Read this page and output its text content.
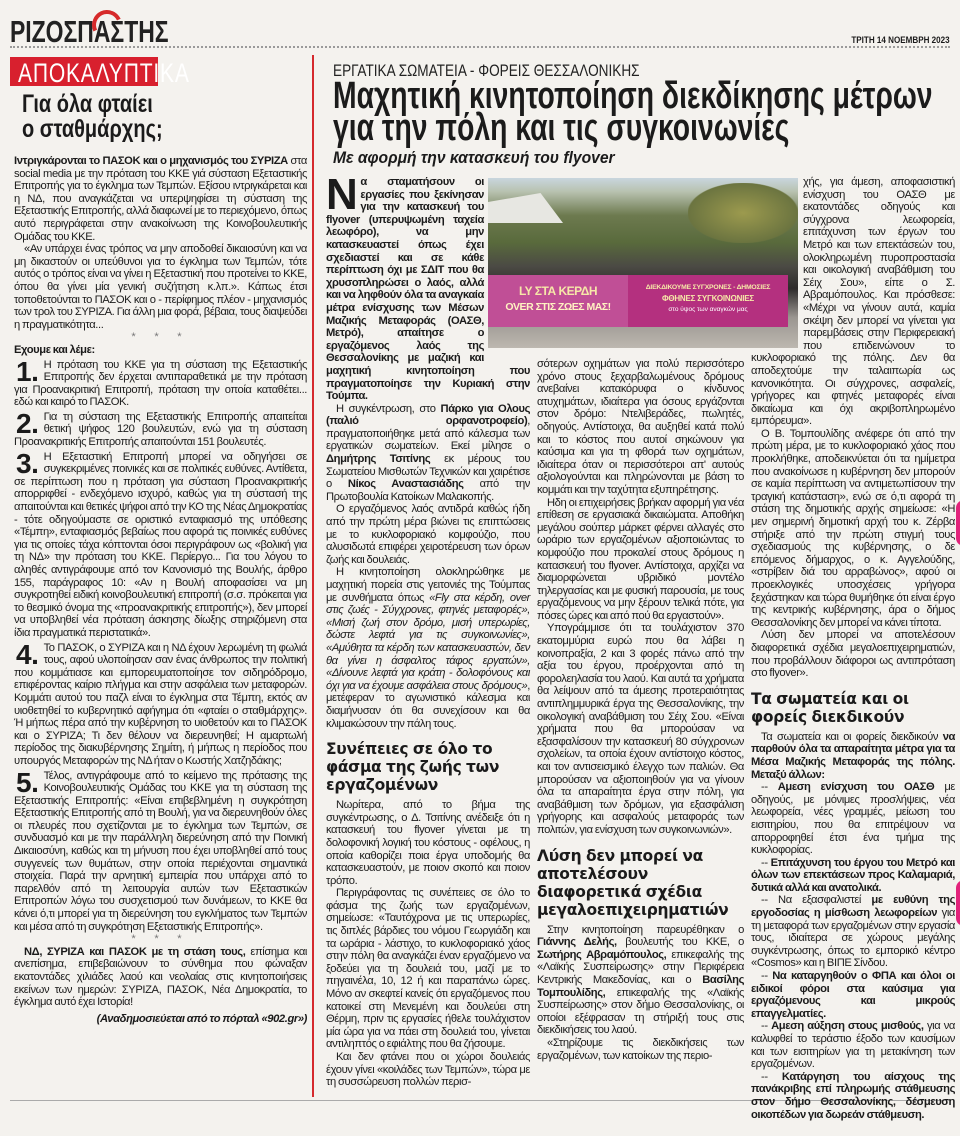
ΡΙΖΟΣΠΑΣΤΗΣ	ΤΡΙΤΗ 14 ΝΟΕΜΒΡΗ 2023
ΑΠΟΚΑΛΥΠΤΙΚΑ
Για όλα φταίει
ο σταθμάρχης;

Ιντριγκάρονται το ΠΑΣΟΚ και ο μηχανισμός του ΣΥΡΙΖΑ στα social media με την πρόταση του ΚΚΕ γιά σύσταση Εξεταστικής Επιτροπής για το έγκλημα των Τεμπών. Εξίσου ιντριγκάρεται και η ΝΔ, που αναγκάζεται να υπερψηφίσει τη σύσταση της Εξεταστικής Επιτροπής, αλλά διαφωνεί με το περιεχόμενο, όπως αυτό περιγράφεται στην ανακοίνωση της Κοινοβουλευτικής Ομάδας του ΚΚΕ.

«Αν υπάρχει ένας τρόπος να μην αποδοθεί δικαιοσύνη και να μη δικαστούν οι υπεύθυνοι για το έγκλημα των Τεμπών, τότε αυτός ο τρόπος είναι να γίνει η Εξεταστική που προτείνει το ΚΚΕ, όπου θα γίνει μία γενική συζήτηση κ.λπ.». Κάπως έτσι τοποθετούνται το ΠΑΣΟΚ και ο - περίφημος πλέον - μηχανισμός των τρολ του ΣΥΡΙΖΑ. Για άλλη μια φορά, βέβαια, τους διαψεύδει η πραγματικότητα...

* * *

Εχουμε και λέμε:

1. Η πρόταση του ΚΚΕ για τη σύσταση της Εξεταστικής Επιτροπής δεν έρχεται αντιπαραθετικά με την πρόταση για Προανακριτική Επιτροπή, πρόταση την οποία καταθέτει... εδώ και καιρό το ΠΑΣΟΚ.

2. Για τη σύσταση της Εξεταστικής Επιτροπής απαιτείται θετική ψήφος 120 βουλευτών, ενώ για τη σύσταση Προανακριτικής Επιτροπής απαιτούνται 151 βουλευτές.

3. Η Εξεταστική Επιτροπή μπορεί να οδηγήσει σε συγκεκριμένες ποινικές και σε πολιτικές ευθύνες. Αντίθετα, σε περίπτωση που η πρόταση για σύσταση Προανακριτικής απορριφθεί - ενδεχόμενο ισχυρό, καθώς για τη σύστασή της απαιτούνται και θετικές ψήφοι από την ΚΟ της Νέας Δημοκρατίας - τότε οδηγούμαστε σε οριστικό ενταφιασμό της υπόθεσης «Τέμπη», ενταφιασμός βεβαίως που αφορά τις ποινικές ευθύνες για τις οποίες τάχα κόπτονται όσοι περιγράφουν ως «βολική για τη ΝΔ» την πρόταση του ΚΚΕ. Περίεργο... Για του λόγου το αληθές αντιγράφουμε από τον Κανονισμό της Βουλής, άρθρο 155, παράγραφος 10: «Αν η Βουλή αποφασίσει να μη συγκροτηθεί ειδική κοινοβουλευτική επιτροπή (σ.σ. πρόκειται για το θεσμικό όνομα της «προανακριτικής επιτροπής»), δεν μπορεί να υποβληθεί νέα πρόταση άσκησης δίωξης στηριζόμενη στα ίδια πραγματικά περιστατικά».

4. Το ΠΑΣΟΚ, ο ΣΥΡΙΖΑ και η ΝΔ έχουν λερωμένη τη φωλιά τους, αφού υλοποίησαν σαν ένας άνθρωπος την πολιτική που κομμάτιασε και εμπορευματοποίησε τον σιδηρόδρομο, επιφέροντας καίριο πλήγμα και στην ασφάλεια των μεταφορών. Κομμάτι αυτού του παζλ είναι το έγκλημα στα Τέμπη, εκτός αν υιοθετηθεί το κυβερνητικό αφήγημα ότι «φταίει ο σταθμάρχης». Ή μήπως πέρα από την κυβέρνηση το υιοθετούν και το ΠΑΣΟΚ και ο ΣΥΡΙΖΑ; Τι δεν θέλουν να διερευνηθεί; Η αμαρτωλή περίοδος της διακυβέρνησης Σημίτη, ή μήπως η περίοδος που υπουργός Μεταφορών της ΝΔ ήταν ο Κωστής Χατζηδάκης;

5. Τέλος, αντιγράφουμε από το κείμενο της πρότασης της Κοινοβουλευτικής Ομάδας του ΚΚΕ για τη σύσταση της Εξεταστικής Επιτροπής: «Είναι επιβεβλημένη η συγκρότηση Εξεταστικής Επιτροπής από τη Βουλή, για να διερευνηθούν όλες οι πλευρές που σχετίζονται με το έγκλημα των Τεμπών, σε συνδυασμό και με την παράλληλη διερεύνηση από την Ποινική Δικαιοσύνη, καθώς και τη μήνυση που έχει υποβληθεί από τους συγγενείς των θυμάτων, στην οποία περιέχονται σημαντικά στοιχεία. Παρά την αρνητική εμπειρία που υπάρχει από το παρελθόν από τη λειτουργία αυτών των Εξεταστικών Επιτροπών λόγω του συσχετισμού των δυνάμεων, το ΚΚΕ θα κάνει ό,τι μπορεί για τη διερεύνηση του εγκλήματος των Τεμπών και μέσα από τη συγκρότηση Εξεταστικής Επιτροπής».

* * *

ΝΔ, ΣΥΡΙΖΑ και ΠΑΣΟΚ με τη στάση τους, επίσημα και ανεπίσημα, επιβεβαιώνουν το σύνθημα που φώναξαν εκατοντάδες χιλιάδες λαού και νεολαίας στις κινητοποιήσεις εκείνων των ημερών: ΣΥΡΙΖΑ, ΠΑΣΟΚ, Νέα Δημοκρατία, το έγκλημα αυτό έχει Ιστορία!

(Αναδημοσιεύεται από το πόρταλ «902.gr»)

ΕΡΓΑΤΙΚΑ ΣΩΜΑΤΕΙΑ - ΦΟΡΕΙΣ ΘΕΣΣΑΛΟΝΙΚΗΣ
Μαχητική κινητοποίηση διεκδίκησης μέτρων
για την πόλη και τις συγκοινωνίες
Με αφορμή την κατασκευή του flyover
LY ΣΤΑ ΚΕΡΔΗ
OVER ΣΤΙΣ ΖΩΕΣ ΜΑΣ!
ΔΙΕΚΔΙΚΟΥΜΕ ΣΥΓΧΡΟΝΕΣ - ΔΗΜΟΣΙΕΣ
ΦΘΗΝΕΣ ΣΥΓΚΟΙΝΩΝΙΕΣ
στο ύψος των αναγκών μας

Να σταματήσουν οι εργασίες που ξεκίνησαν για την κατασκευή του flyover (υπερυψωμένη ταχεία λεωφόρο), να μην κατασκευαστεί όπως έχει σχεδιαστεί και σε κάθε περίπτωση όχι με ΣΔΙΤ που θα χρυσοπληρώσει ο λαός, αλλά και να ληφθούν όλα τα αναγκαία μέτρα ενίσχυσης των Μέσων Μαζικής Μεταφοράς (ΟΑΣΘ, Μετρό), απαίτησε ο εργαζόμενος λαός της Θεσσαλονίκης με μαζική και μαχητική κινητοποίηση που πραγματοποίησε την Κυριακή στην Τούμπα.

Η συγκέντρωση, στο Πάρκο για Ολους (παλιό ορφανοτροφείο), πραγματοποιήθηκε μετά από κάλεσμα των εργατικών σωματείων. Εκεί μίλησε ο Δημήτρης Τσιτίνης εκ μέρους του Σωματείου Μισθωτών Τεχνικών και χαιρέτισε ο Νίκος Αναστασιάδης από την Πρωτοβουλία Κατοίκων Μαλακοπής.

Ο εργαζόμενος λαός αντιδρά καθώς ήδη από την πρώτη μέρα βιώνει τις επιπτώσεις με το κυκλοφοριακό κομφούζιο, που αλυσιδωτά επιφέρει χειροτέρευση των όρων ζωής και δουλειάς.

Η κινητοποίηση ολοκληρώθηκε με μαχητική πορεία στις γειτονιές της Τούμπας με συνθήματα όπως «Fly στα κέρδη, over στις ζωές - Σύγχρονες, φτηνές μεταφορές», «Μισή ζωή στον δρόμο, μισή υπερωρίες, δώστε λεφτά για τις συγκοινωνίες», «Αμύθητα τα κέρδη των κατασκευαστών, δεν θα γίνει η άσφαλτος τάφος εργατών», «Δίνουνε λεφτά για κράτη - δολοφόνους και όχι για να έχουμε ασφάλεια στους δρόμους», μετέφεραν το αγωνιστικό κάλεσμα και διαμήνυσαν ότι θα συνεχίσουν και θα κλιμακώσουν την πάλη τους.

Συνέπειες σε όλο το φάσμα της ζωής των εργαζομένων

Νωρίτερα, από το βήμα της συγκέντρωσης, ο Δ. Τσιτίνης ανέδειξε ότι η κατασκευή του flyover γίνεται με τη δολοφονική λογική του κόστους - οφέλους, η οποία καθορίζει ποια έργα υποδομής θα κατασκευαστούν, με ποιον σκοπό και ποιον τρόπο.

Περιγράφοντας τις συνέπειες σε όλο το φάσμα της ζωής των εργαζομένων, σημείωσε: «Ταυτόχρονα με τις υπερωρίες, τις διπλές βάρδιες του νόμου Γεωργιάδη και τα ωράρια - λάστιχο, το κυκλοφοριακό χάος στην πόλη θα αναγκάζει έναν εργαζόμενο να ξοδεύει για τη δουλειά του, μαζί με το πηγαινέλα, 10, 12 ή και παραπάνω ώρες. Μόνο αν σκεφτεί κανείς ότι εργαζόμενος που κατοικεί στη Μενεμένη και δουλεύει στη Θέρμη, πριν τις εργασίες ήθελε τουλάχιστον μία ώρα για να πάει στη δουλειά του, γίνεται αντιληπτός ο εφιάλτης που θα ζήσουμε.

Και δεν φτάνει που οι χώροι δουλειάς έχουν γίνει «κοιλάδες των Τεμπών», τώρα με τη συσσώρευση πολλών περισ-

σότερων οχημάτων για πολύ περισσότερο χρόνο στους ξεχαρβαλωμένους δρόμους ανεβαίνει κατακόρυφα ο κίνδυνος ατυχημάτων, ιδιαίτερα για όσους εργάζονται στον δρόμο: Ντελιβεράδες, πωλητές, οδηγούς. Αντίστοιχα, θα αυξηθεί κατά πολύ και το κόστος που αυτοί σηκώνουν για καύσιμα και για τη φθορά των οχημάτων, ιδιαίτερα όταν οι περισσότεροι απ' αυτούς αξιολογούνται και πληρώνονται με βάση το κομμάτι και την ταχύτητα εξυπηρέτησης.

Ηδη οι επιχειρήσεις βρήκαν αφορμή για νέα επίθεση σε εργασιακά δικαιώματα. Αποθήκη μεγάλου σούπερ μάρκετ φέρνει αλλαγές στο ωράριο των εργαζομένων αξιοποιώντας το κομφούζιο που προκαλεί στους δρόμους η κατασκευή του flyover. Αντίστοιχα, αρχίζει να διαμορφώνεται υβριδικό μοντέλο τηλεργασίας και με φυσική παρουσία, με τους εργαζόμενους να μην ξέρουν τελικά πότε, για πόσες ώρες και από πού θα εργαστούν».

Υπογράμμισε ότι τα τουλάχιστον 370 εκατομμύρια ευρώ που θα λάβει η κοινοπραξία, 2 και 3 φορές πάνω από την αξία του έργου, προέρχονται από τη φορολεηλασία του λαού. Και αυτά τα χρήματα θα λείψουν από τα άμεσης προτεραιότητας αντιπλημμυρικά έργα της Θεσσαλονίκης, την οικολογική αναβάθμιση του Σέιχ Σου. «Είναι χρήματα που θα μπορούσαν να εξασφαλίσουν την κατασκευή 80 σύγχρονων σχολείων, τα οποία έχουν αντίστοιχο κόστος, και τον αντισεισμικό έλεγχο των παλιών. Θα μπορούσαν να αξιοποιηθούν για να γίνουν όλα τα απαραίτητα έργα στην πόλη, για αναβάθμιση των δρόμων, για εξασφάλιση γρήγορης και ασφαλούς μεταφοράς των πολιτών, για ενίσχυση των συγκοινωνιών».

Λύση δεν μπορεί να αποτελέσουν διαφορετικά σχέδια μεγαλοεπιχειρηματιών

Στην κινητοποίηση παρευρέθηκαν ο Γιάννης Δελής, βουλευτής του ΚΚΕ, ο Σωτήρης Αβραμόπουλος, επικεφαλής της «Λαϊκής Συσπείρωσης» στην Περιφέρεια Κεντρικής Μακεδονίας, και ο Βασίλης Τομπουλίδης, επικεφαλής της «Λαϊκής Συσπείρωσης» στον δήμο Θεσσαλονίκης, οι οποίοι εξέφρασαν τη στήριξή τους στις διεκδικήσεις του λαού.

«Στηρίζουμε τις διεκδικήσεις των εργαζομένων, των κατοίκων της περιο-

χής, για άμεση, αποφασιστική ενίσχυση του ΟΑΣΘ με εκατοντάδες οδηγούς και σύγχρονα λεωφορεία, επιτάχυνση των έργων του Μετρό και των επεκτάσεών του, ολοκληρωμένη πυροπροστασία και οικολογική αναβάθμιση του Σέιχ Σου», είπε ο Σ. Αβραμόπουλος. Και πρόσθεσε: «Μέχρι να γίνουν αυτά, καμία σκέψη δεν μπορεί να γίνεται για παρεμβάσεις στην Περιφερειακή που επιδεινώνουν το κυκλοφοριακό της πόλης. Δεν θα αποδεχτούμε την ταλαιπωρία ως κανονικότητα. Οι σύγχρονες, ασφαλείς, γρήγορες και φτηνές μεταφορές είναι δικαίωμα και όχι ακριβοπληρωμένο εμπόρευμα».

Ο Β. Τομπουλίδης ανέφερε ότι από την πρώτη μέρα, με το κυκλοφοριακό χάος που προκλήθηκε, αποδεικνύεται ότι τα ημίμετρα που ανακοίνωσε η κυβέρνηση δεν μπορούν σε καμία περίπτωση να αντιμετωπίσουν την τραγική κατάσταση», ενώ σε ό,τι αφορά τη στάση της δημοτικής αρχής σημείωσε: «Η μεν σημερινή δημοτική αρχή του κ. Ζέρβα στήριξε από την πρώτη στιγμή τους σχεδιασμούς της κυβέρνησης, ο δε επόμενος δήμαρχος, ο κ. Αγγελούδης, «στρίβειν διά του αρραβώνος», αφού οι προεκλογικές υποσχέσεις γρήγορα ξεχάστηκαν και τώρα θυμήθηκε ότι είναι έργο της κεντρικής κυβέρνησης, άρα ο δήμος Θεσσαλονίκης δεν μπορεί να κάνει τίποτα.

Λύση δεν μπορεί να αποτελέσουν διαφορετικά σχέδια μεγαλοεπιχειρηματιών, που προβάλλουν διάφοροι ως αντιπρόταση στο flyover».

Τα σωματεία και οι φορείς διεκδικούν

Τα σωματεία και οι φορείς διεκδικούν να παρθούν όλα τα απαραίτητα μέτρα για τα Μέσα Μαζικής Μεταφοράς της πόλης. Μεταξύ άλλων:

-- Αμεση ενίσχυση του ΟΑΣΘ με οδηγούς, με μόνιμες προσλήψεις, νέα λεωφορεία, νέες γραμμές, μείωση του εισιτηρίου, που θα επιτρέψουν να απορροφηθεί έτσι ένα τμήμα της κυκλοφορίας.

-- Επιτάχυνση του έργου του Μετρό και όλων των επεκτάσεων προς Καλαμαριά, δυτικά αλλά και ανατολικά.

-- Να εξασφαλιστεί με ευθύνη της εργοδοσίας η μίσθωση λεωφορείων για τη μεταφορά των εργαζομένων στην εργασία τους, ιδιαίτερα σε χώρους μεγάλης συγκέντρωσης, όπως το εμπορικό κέντρο «Cosmos» και η ΒΙΠΕ Σίνδου.

-- Να καταργηθούν ο ΦΠΑ και όλοι οι ειδικοί φόροι στα καύσιμα για εργαζόμενους και μικρούς επαγγελματίες.

-- Αμεση αύξηση στους μισθούς, για να καλυφθεί το τεράστιο έξοδο των καυσίμων και των εισιτηρίων για τη μετακίνηση των εργαζομένων.

-- Κατάργηση του αίσχους της πανάκριβης επί πληρωμής στάθμευσης στον δήμο Θεσσαλονίκης, δέσμευση οικοπέδων για δωρεάν στάθμευση.
